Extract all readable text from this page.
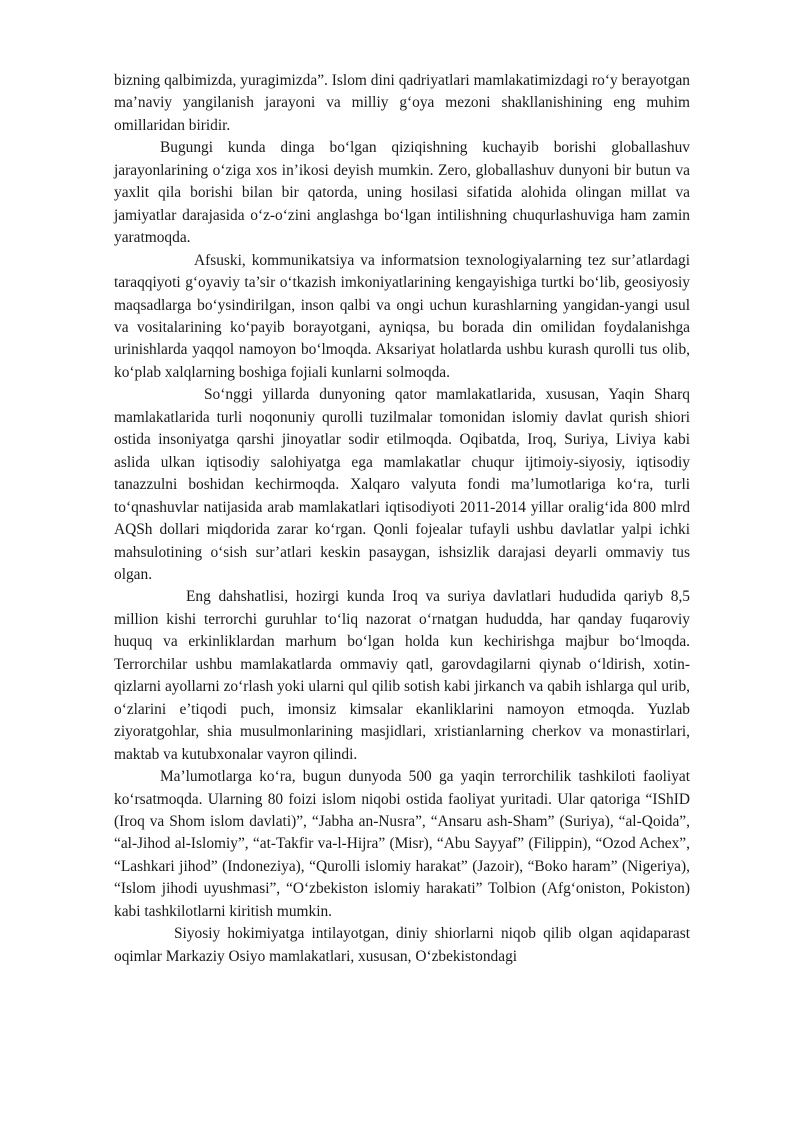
bizning qalbimizda, yuragimizda”. Islom dini qadriyatlari mamlakatimizdagi ro‘y berayotgan ma’naviy yangilanish jarayoni va milliy g‘oya mezoni shakllanishining eng muhim omillaridan biridir.

Bugungi kunda dinga bo‘lgan qiziqishning kuchayib borishi globallashuv jarayonlarining o‘ziga xos in’ikosi deyish mumkin. Zero, globallashuv dunyoni bir butun va yaxlit qila borishi bilan bir qatorda, uning hosilasi sifatida alohida olingan millat va jamiyatlar darajasida o‘z-o‘zini anglashga bo‘lgan intilishning chuqurlashuviga ham zamin yaratmoqda.

Afsuski, kommunikatsiya va informatsion texnologiyalarning tez sur’atlardagi taraqqiyoti g‘oyaviy ta’sir o‘tkazish imkoniyatlarining kengayishiga turtki bo‘lib, geosiyosiy maqsadlarga bo‘ysindirilgan, inson qalbi va ongi uchun kurashlarning yangidan-yangi usul va vositalarining ko‘payib borayotgani, ayniqsa, bu borada din omilidan foydalanishga urinishlarda yaqqol namoyon bo‘lmoqda. Aksariyat holatlarda ushbu kurash qurolli tus olib, ko‘plab xalqlarning boshiga fojiali kunlarni solmoqda.

So‘nggi yillarda dunyoning qator mamlakatlarida, xususan, Yaqin Sharq mamlakatlarida turli noqonuniy qurolli tuzilmalar tomonidan islomiy davlat qurish shiori ostida insoniyatga qarshi jinoyatlar sodir etilmoqda. Oqibatda, Iroq, Suriya, Liviya kabi aslida ulkan iqtisodiy salohiyatga ega mamlakatlar chuqur ijtimoiy-siyosiy, iqtisodiy tanazzulni boshidan kechirmoqda. Xalqaro valyuta fondi ma’lumotlariga ko‘ra, turli to‘qnashuvlar natijasida arab mamlakatlari iqtisodiyoti 2011-2014 yillar oralig‘ida 800 mlrd AQSh dollari miqdorida zarar ko‘rgan. Qonli fojealar tufayli ushbu davlatlar yalpi ichki mahsulotining o‘sish sur’atlari keskin pasaygan, ishsizlik darajasi deyarli ommaviy tus olgan.

Eng dahshatlisi, hozirgi kunda Iroq va suriya davlatlari hududida qariyb 8,5 million kishi terrorchi guruhlar to‘liq nazorat o‘rnatgan hududda, har qanday fuqaroviy huquq va erkinliklardan marhum bo‘lgan holda kun kechirishga majbur bo‘lmoqda. Terrorchilar ushbu mamlakatlarda ommaviy qatl, garovdagilarni qiynab o‘ldirish, xotin-qizlarni ayollarni zo‘rlash yoki ularni qul qilib sotish kabi jirkanch va qabih ishlarga qul urib, o‘zlarini e’tiqodi puch, imonsiz kimsalar ekanliklarini namoyon etmoqda. Yuzlab ziyoratgohlar, shia musulmonlarining masjidlari, xristianlarning cherkov va monastirlari, maktab va kutubxonalar vayron qilindi.

Ma’lumotlarga ko‘ra, bugun dunyoda 500 ga yaqin terrorchilik tashkiloti faoliyat ko‘rsatmoqda. Ularning 80 foizi islom niqobi ostida faoliyat yuritadi. Ular qatoriga “IShID (Iroq va Shom islom davlati)”, “Jabha an-Nusra”, “Ansaru ash-Sham” (Suriya), “al-Qoida”, “al-Jihod al-Islomiy”, “at-Takfir va-l-Hijra” (Misr), “Abu Sayyaf” (Filippin), “Ozod Achex”, “Lashkari jihod” (Indoneziya), “Qurolli islomiy harakat” (Jazoir), “Boko haram” (Nigeriya), “Islom jihodi uyushmasi”, “O‘zbekiston islomiy harakati” Tolbion (Afg‘oniston, Pokiston) kabi tashkilotlarni kiritish mumkin.

Siyosiy hokimiyatga intilayotgan, diniy shiorlarni niqob qilib olgan aqidaparast oqimlar Markaziy Osiyo mamlakatlari, xususan, O‘zbekistondagi
